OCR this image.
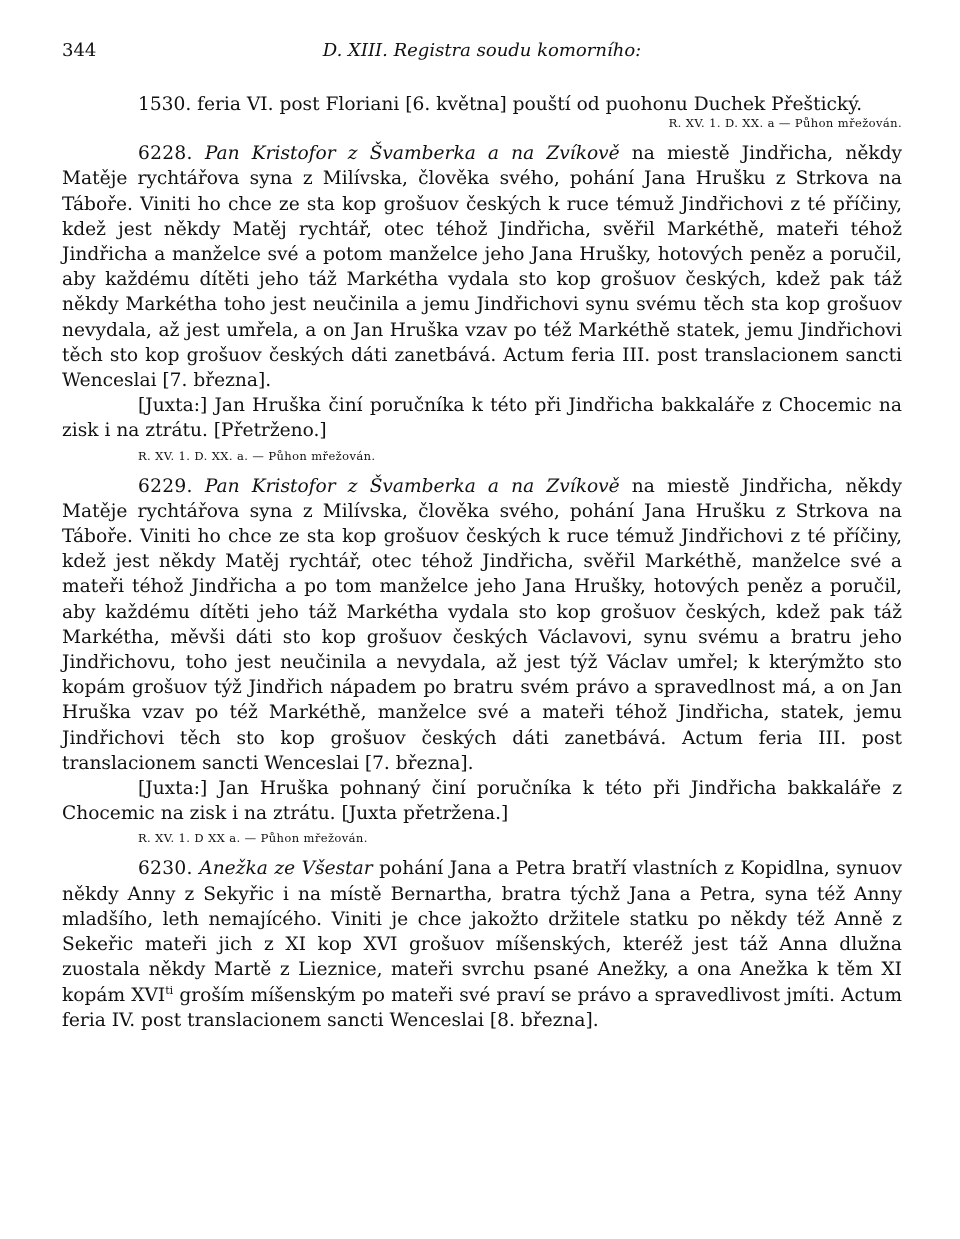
344	D. XIII. Registra soudu komorního:

1530. feria VI. post Floriani [6. května] pouští od puohonu Duchek Přeštický.

R. XV. 1. D. XX. a — Půhon mřežován.

6228. Pan Kristofor z Švamberka a na Zvíkově na miestě Jindřicha, někdy Matěje rychtářova syna z Milívska, člověka svého, pohání Jana Hrušku z Strkova na Táboře. Viniti ho chce ze sta kop grošuov českých k ruce témuž Jindřichovi z té příčiny, kdež jest někdy Matěj rychtář, otec téhož Jindřicha, svěřil Markéthě, mateři téhož Jindřicha a manželce své a potom manželce jeho Jana Hrušky, hotových peněz a poručil, aby každému dítěti jeho táž Markétha vydala sto kop grošuov českých, kdež pak táž někdy Markétha toho jest neučinila a jemu Jindřichovi synu svému těch sta kop grošuov nevydala, až jest umřela, a on Jan Hruška vzav po též Markéthě statek, jemu Jindřichovi těch sto kop grošuov českých dáti zanetbává. Actum feria III. post translacionem sancti Wenceslai [7. března].

[Juxta:] Jan Hruška činí poručníka k této při Jindřicha bakkaláře z Chocemic na zisk i na ztrátu. [Přetrženo.]

R. XV. 1. D. XX. a. — Půhon mřežován.

6229. Pan Kristofor z Švamberka a na Zvíkově na miestě Jindřicha, někdy Matěje rychtářova syna z Milívska, člověka svého, pohání Jana Hrušku z Strkova na Táboře. Viniti ho chce ze sta kop grošuov českých k ruce témuž Jindřichovi z té příčiny, kdež jest někdy Matěj rychtář, otec téhož Jindřicha, svěřil Markéthě, manželce své a mateři téhož Jindřicha a po tom manželce jeho Jana Hrušky, hotových peněz a poručil, aby každému dítěti jeho táž Markétha vydala sto kop grošuov českých, kdež pak táž Markétha, měvši dáti sto kop grošuov českých Václavovi, synu svému a bratru jeho Jindřichovu, toho jest neučinila a nevydala, až jest týž Václav umřel; k kterýmžto sto kopám grošuov týž Jindřich nápadem po bratru svém právo a spravedlnost má, a on Jan Hruška vzav po též Markéthě, manželce své a mateři téhož Jindřicha, statek, jemu Jindřichovi těch sto kop grošuov českých dáti zanetbává. Actum feria III. post translacionem sancti Wenceslai [7. března].

[Juxta:] Jan Hruška pohnaný činí poručníka k této při Jindřicha bakkaláře z Chocemic na zisk i na ztrátu. [Juxta přetržena.]

R. XV. 1. D XX a. — Půhon mřežován.

6230. Anežka ze Všestar pohání Jana a Petra bratří vlastních z Kopidlna, synuov někdy Anny z Sekyřic i na místě Bernartha, bratra týchž Jana a Petra, syna též Anny mladšího, leth nemajícého. Viniti je chce jakožto držitele statku po někdy též Anně z Sekeřic mateři jich z XI kop XVI grošuov míšenských, kteréž jest táž Anna dlužna zuostala někdy Martě z Lieznice, mateři svrchu psané Anežky, a ona Anežka k těm XI kopám $XVI^{ti}$ groším míšenským po mateři své praví se právo a spravedlivost jmíti. Actum feria IV. post translacionem sancti Wenceslai [8. března].
